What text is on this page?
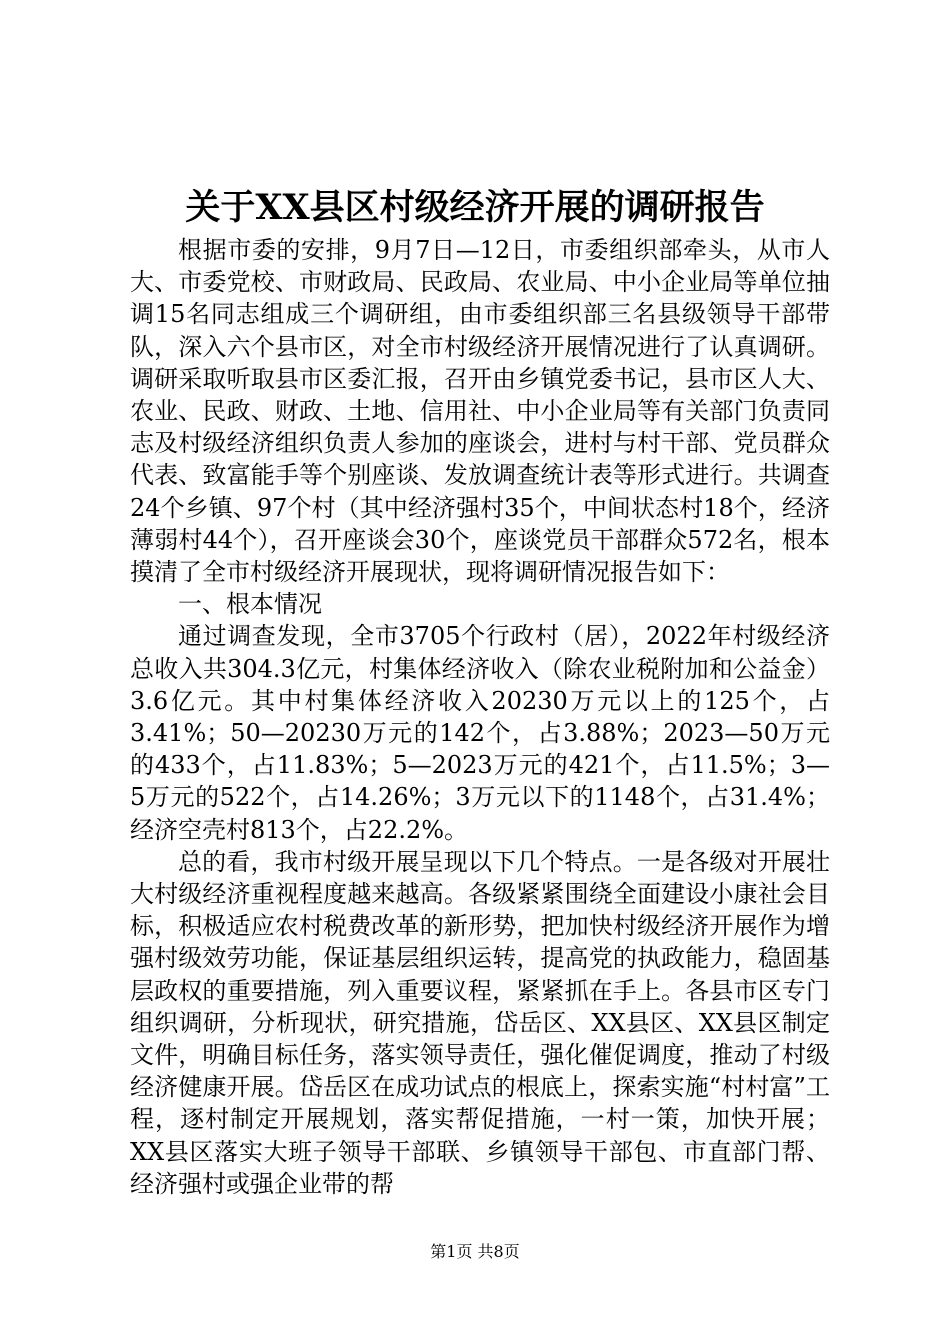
关于XX县区村级经济开展的调研报告

根据市委的安排，9月7日—12日，市委组织部牵头，从市人大、市委党校、市财政局、民政局、农业局、中小企业局等单位抽调15名同志组成三个调研组，由市委组织部三名县级领导干部带队，深入六个县市区，对全市村级经济开展情况进行了认真调研。调研采取听取县市区委汇报，召开由乡镇党委书记，县市区人大、农业、民政、财政、土地、信用社、中小企业局等有关部门负责同志及村级经济组织负责人参加的座谈会，进村与村干部、党员群众代表、致富能手等个别座谈、发放调查统计表等形式进行。共调查24个乡镇、97个村（其中经济强村35个，中间状态村18个，经济薄弱村44个），召开座谈会30个，座谈党员干部群众572名，根本摸清了全市村级经济开展现状，现将调研情况报告如下：

一、根本情况

通过调查发现，全市3705个行政村（居），2022年村级经济总收入共304.3亿元，村集体经济收入（除农业税附加和公益金）3.6亿元。其中村集体经济收入20230万元以上的125个，占3.41%；50—20230万元的142个，占3.88%；2023—50万元的433个，占11.83%；5—2023万元的421个，占11.5%；3—5万元的522个，占14.26%；3万元以下的1148个，占31.4%；经济空壳村813个，占22.2%。

总的看，我市村级开展呈现以下几个特点。一是各级对开展壮大村级经济重视程度越来越高。各级紧紧围绕全面建设小康社会目标，积极适应农村税费改革的新形势，把加快村级经济开展作为增强村级效劳功能，保证基层组织运转，提高党的执政能力，稳固基层政权的重要措施，列入重要议程，紧紧抓在手上。各县市区专门组织调研，分析现状，研究措施，岱岳区、XX县区、XX县区制定文件，明确目标任务，落实领导责任，强化催促调度，推动了村级经济健康开展。岱岳区在成功试点的根底上，探索实施“村村富”工程，逐村制定开展规划，落实帮促措施，一村一策，加快开展；XX县区落实大班子领导干部联、乡镇领导干部包、市直部门帮、经济强村或强企业带的帮

第1页 共8页
